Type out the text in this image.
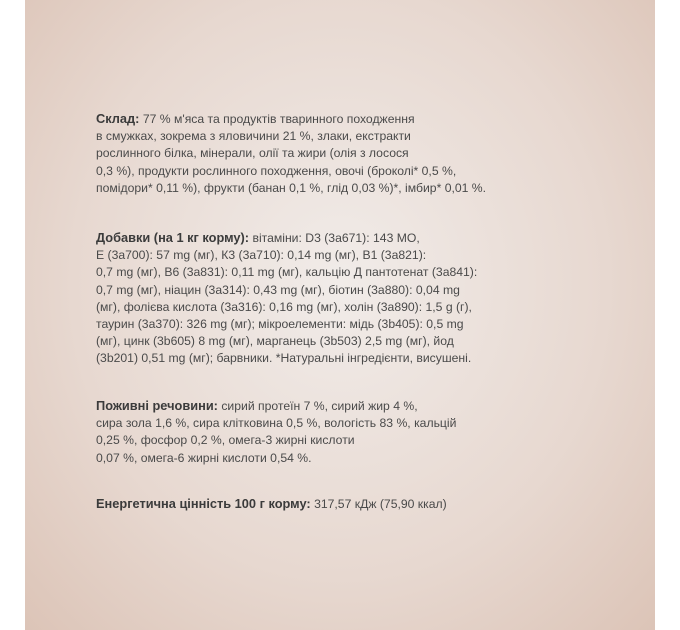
Склад: 77 % м'яса та продуктів тваринного походження
в смужках, зокрема з яловичини 21 %, злаки, екстракти
рослинного білка, мінерали, олії та жири (олія з лосося
0,3 %), продукти рослинного походження, овочі (броколі* 0,5 %,
помідори* 0,11 %), фрукти (банан 0,1 %, глід 0,03 %)*, імбир* 0,01 %.
Добавки (на 1 кг корму): вітаміни: D3 (3а671): 143 МО,
E (3а700): 57 mg (мг), К3 (3а710): 0,14 mg (мг), В1 (3а821):
0,7 mg (мг), В6 (3а831): 0,11 mg (мг), кальцію Д пантотенат (3а841):
0,7 mg (мг), ніацин (3а314): 0,43 mg (мг), біотин (3а880): 0,04 mg
(мг), фолієва кислота (3а316): 0,16 mg (мг), холін (3а890): 1,5 g (г),
таурин (3а370): 326 mg (мг); мікроелементи: мідь (3b405): 0,5 mg
(мг), цинк (3b605) 8 mg (мг), марганець (3b503) 2,5 mg (мг), йод
(3b201) 0,51 mg (мг); барвники. *Натуральні інгредієнти, висушені.
Поживні речовини: сирий протеїн 7 %, сирий жир 4 %,
сира зола 1,6 %, сира клітковина 0,5 %, вологість 83 %, кальцій
0,25 %, фосфор 0,2 %, омега-3 жирні кислоти
0,07 %, омега-6 жирні кислоти 0,54 %.
Енергетична цінність 100 г корму: 317,57 кДж (75,90 ккал)
